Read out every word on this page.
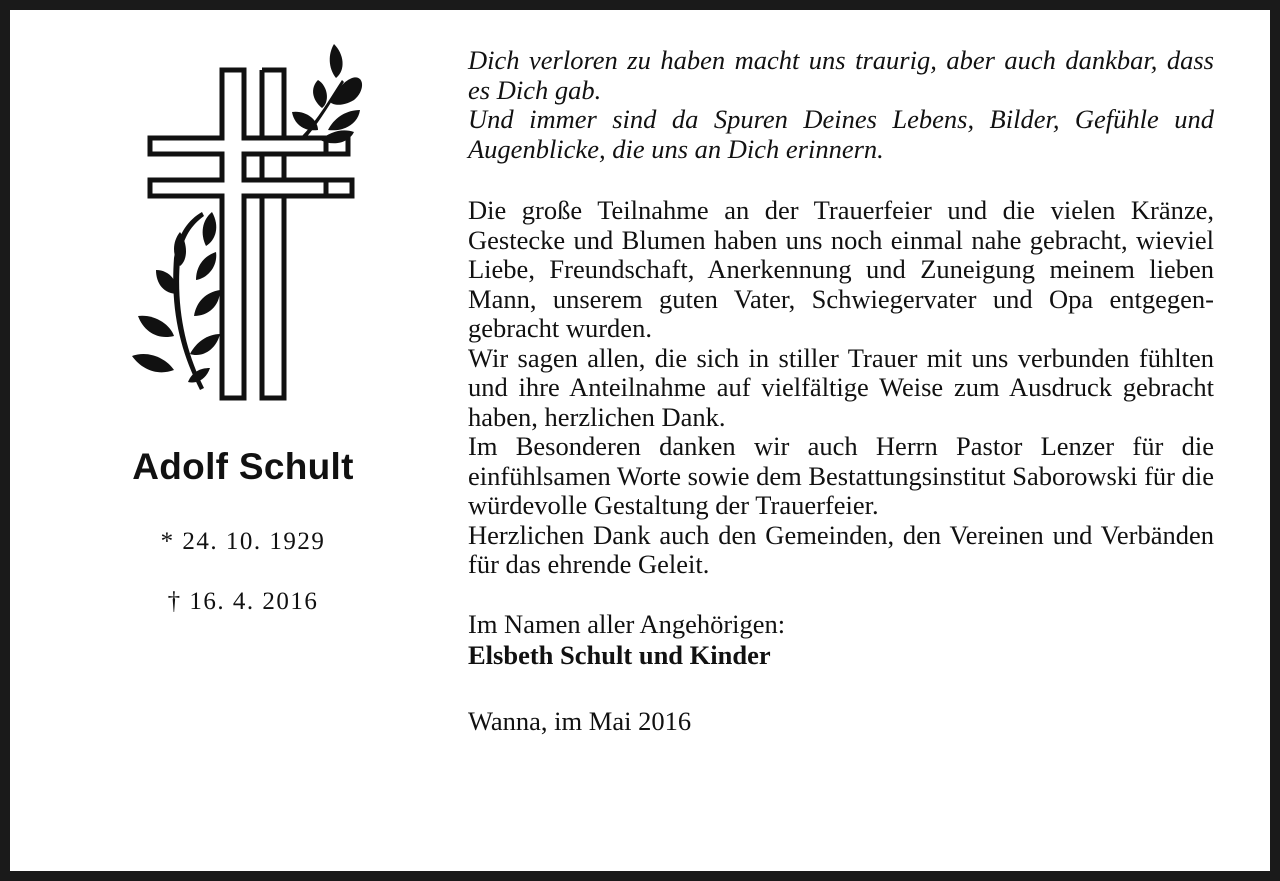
Adolf Schult
* 24. 10. 1929
† 16. 4. 2016
Dich verloren zu haben macht uns traurig, aber auch dankbar, dass es Dich gab.
Und immer sind da Spuren Deines Lebens, Bilder, Gefühle und Augenblicke, die uns an Dich erinnern.

Die große Teilnahme an der Trauerfeier und die vielen Kränze, Gestecke und Blumen haben uns noch einmal nahe gebracht, wieviel Liebe, Freundschaft, Anerkennung und Zuneigung meinem lieben Mann, unserem guten Vater, Schwiegervater und Opa entgegengebracht wurden.

Wir sagen allen, die sich in stiller Trauer mit uns verbunden fühlten und ihre Anteilnahme auf vielfältige Weise zum Ausdruck gebracht haben, herzlichen Dank.

Im Besonderen danken wir auch Herrn Pastor Lenzer für die einfühlsamen Worte sowie dem Bestattungsinstitut Saborowski für die würdevolle Gestaltung der Trauerfeier.

Herzlichen Dank auch den Gemeinden, den Vereinen und Verbänden für das ehrende Geleit.

Im Namen aller Angehörigen:
Elsbeth Schult und Kinder
Wanna, im Mai 2016
